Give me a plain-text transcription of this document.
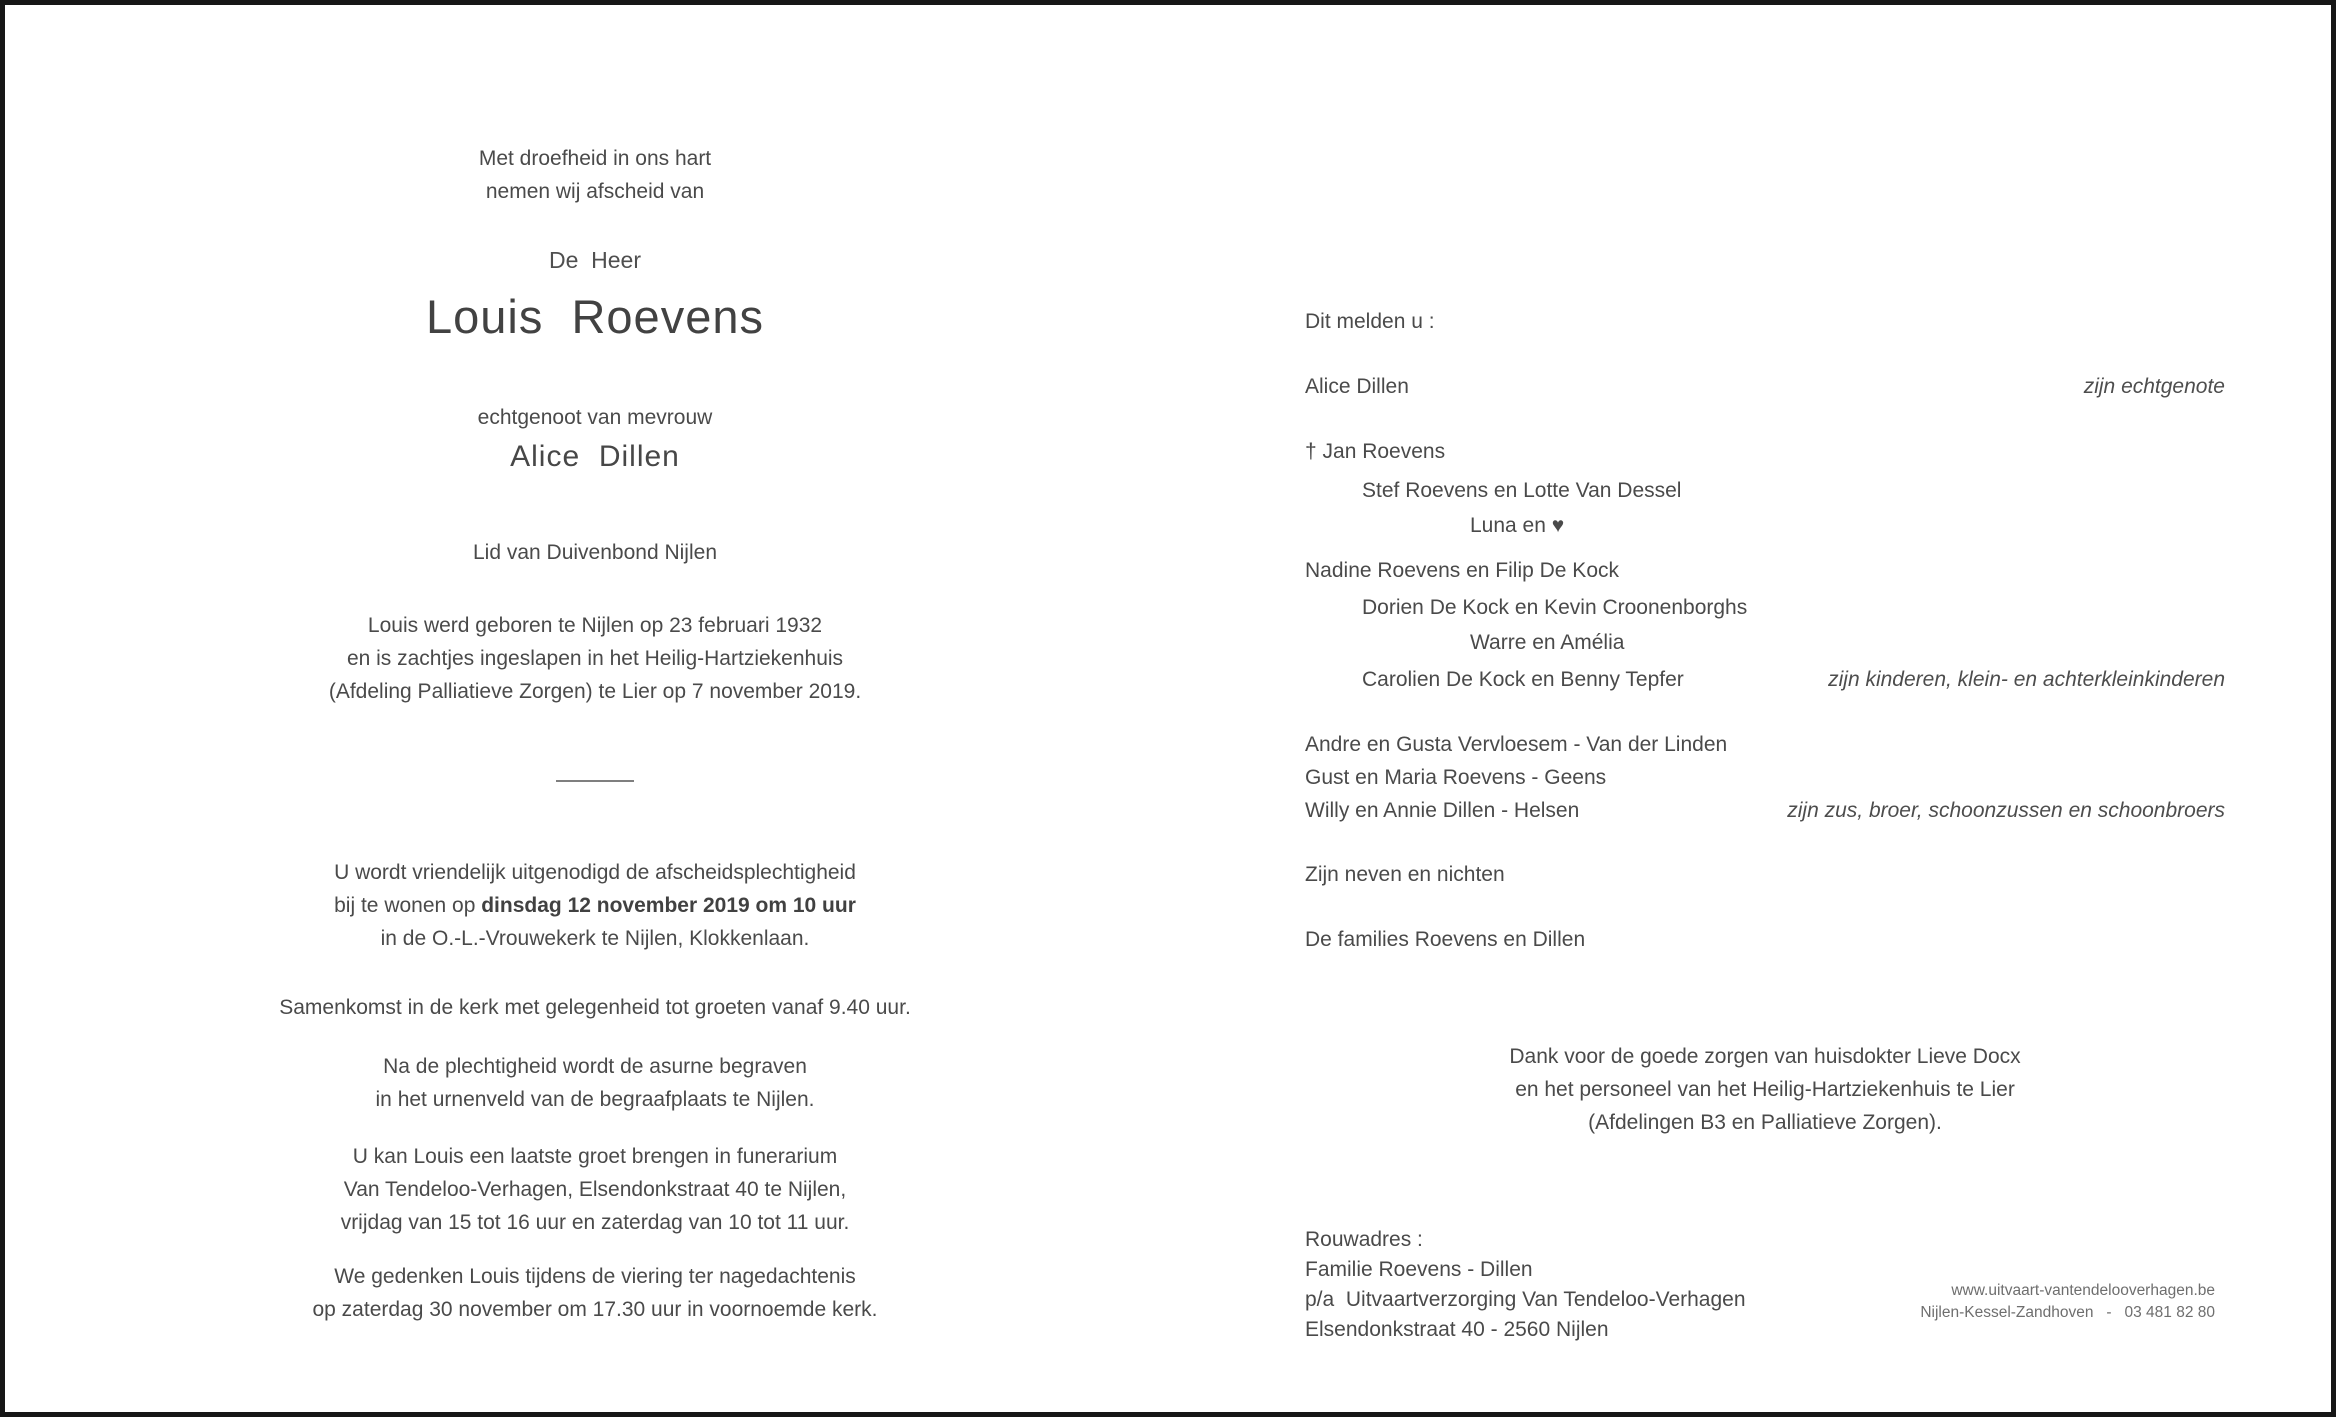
Met droefheid in ons hart
nemen wij afscheid van
De  Heer
Louis  Roevens
echtgenoot van mevrouw
Alice  Dillen
Lid van Duivenbond Nijlen
Louis werd geboren te Nijlen op 23 februari 1932
en is zachtjes ingeslapen in het Heilig-Hartziekenhuis
(Afdeling Palliatieve Zorgen) te Lier op 7 november 2019.
U wordt vriendelijk uitgenodigd de afscheidsplechtigheid
bij te wonen op dinsdag 12 november 2019 om 10 uur
in de O.-L.-Vrouwekerk te Nijlen, Klokkenlaan.
Samenkomst in de kerk met gelegenheid tot groeten vanaf 9.40 uur.
Na de plechtigheid wordt de asurne begraven
in het urnenveld van de begraafplaats te Nijlen.
U kan Louis een laatste groet brengen in funerarium
Van Tendeloo-Verhagen, Elsendonkstraat 40 te Nijlen,
vrijdag van 15 tot 16 uur en zaterdag van 10 tot 11 uur.
We gedenken Louis tijdens de viering ter nagedachtenis
op zaterdag 30 november om 17.30 uur in voornoemde kerk.
Dit melden u :
Alice Dillen	zijn echtgenote
† Jan Roevens
Stef Roevens en Lotte Van Dessel
Luna en ♥
Nadine Roevens en Filip De Kock
Dorien De Kock en Kevin Croonenborghs
Warre en Amélia
Carolien De Kock en Benny Tepfer	zijn kinderen, klein- en achterkleinkinderen
Andre en Gusta Vervloesem - Van der Linden
Gust en Maria Roevens - Geens
Willy en Annie Dillen - Helsen	zijn zus, broer, schoonzussen en schoonbroers
Zijn neven en nichten
De families Roevens en Dillen
Dank voor de goede zorgen van huisdokter Lieve Docx
en het personeel van het Heilig-Hartziekenhuis te Lier
(Afdelingen B3 en Palliatieve Zorgen).
Rouwadres :
Familie Roevens - Dillen
p/a  Uitvaartverzorging Van Tendeloo-Verhagen
Elsendonkstraat 40 - 2560 Nijlen
www.uitvaart-vantendelooverhagen.be
Nijlen-Kessel-Zandhoven   -   03 481 82 80
